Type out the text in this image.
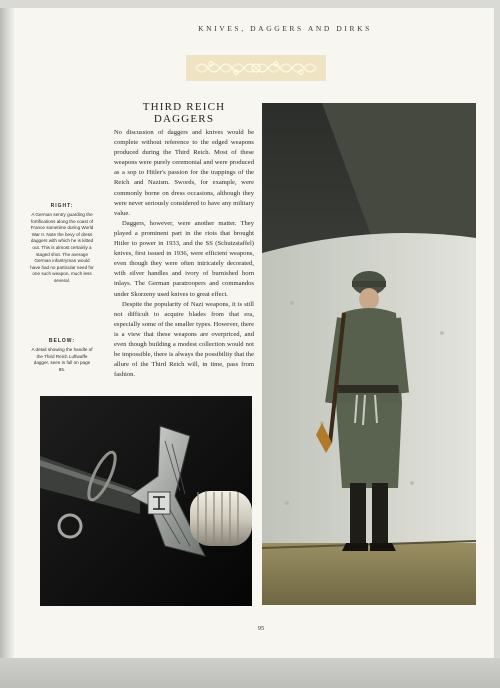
KNIVES, DAGGERS AND DIRKS
THIRD REICH
DAGGERS

No discussion of daggers and knives would be complete without reference to the edged weapons produced during the Third Reich. Most of these weapons were purely ceremonial and were produced as a sop to Hitler's passion for the trappings of the Reich and Nazism. Swords, for example, were commonly borne on dress occasions, although they were never seriously considered to have any military value.

Daggers, however, were another matter. They played a prominent part in the riots that brought Hitler to power in 1933, and the SS (Schutzstaffel) knives, first issued in 1936, were efficient weapons, even though they were often intricately decorated, with silver handles and ivory of burnished horn inlays. The German paratroopers and commandos under Skorzeny used knives to great effect.

Despite the popularity of Nazi weapons, it is still not difficult to acquire blades from that era, especially some of the smaller types. However, there is a view that these weapons are overpriced, and even though building a modest collection would not be impossible, there is always the possibility that the allure of the Third Reich will, in time, pass from fashion.

RIGHT:
A German sentry guarding the fortifications along the coast of France sometime during World War II. Note the bevy of dress daggers with which he is kitted out. This is almost certainly a staged shot. The average German infantryman would have had no particular need for one such weapon, much less several.
BELOW:
A detail showing the handle of the Third Reich Luftwaffe dagger, seen in full on page 85.
95
